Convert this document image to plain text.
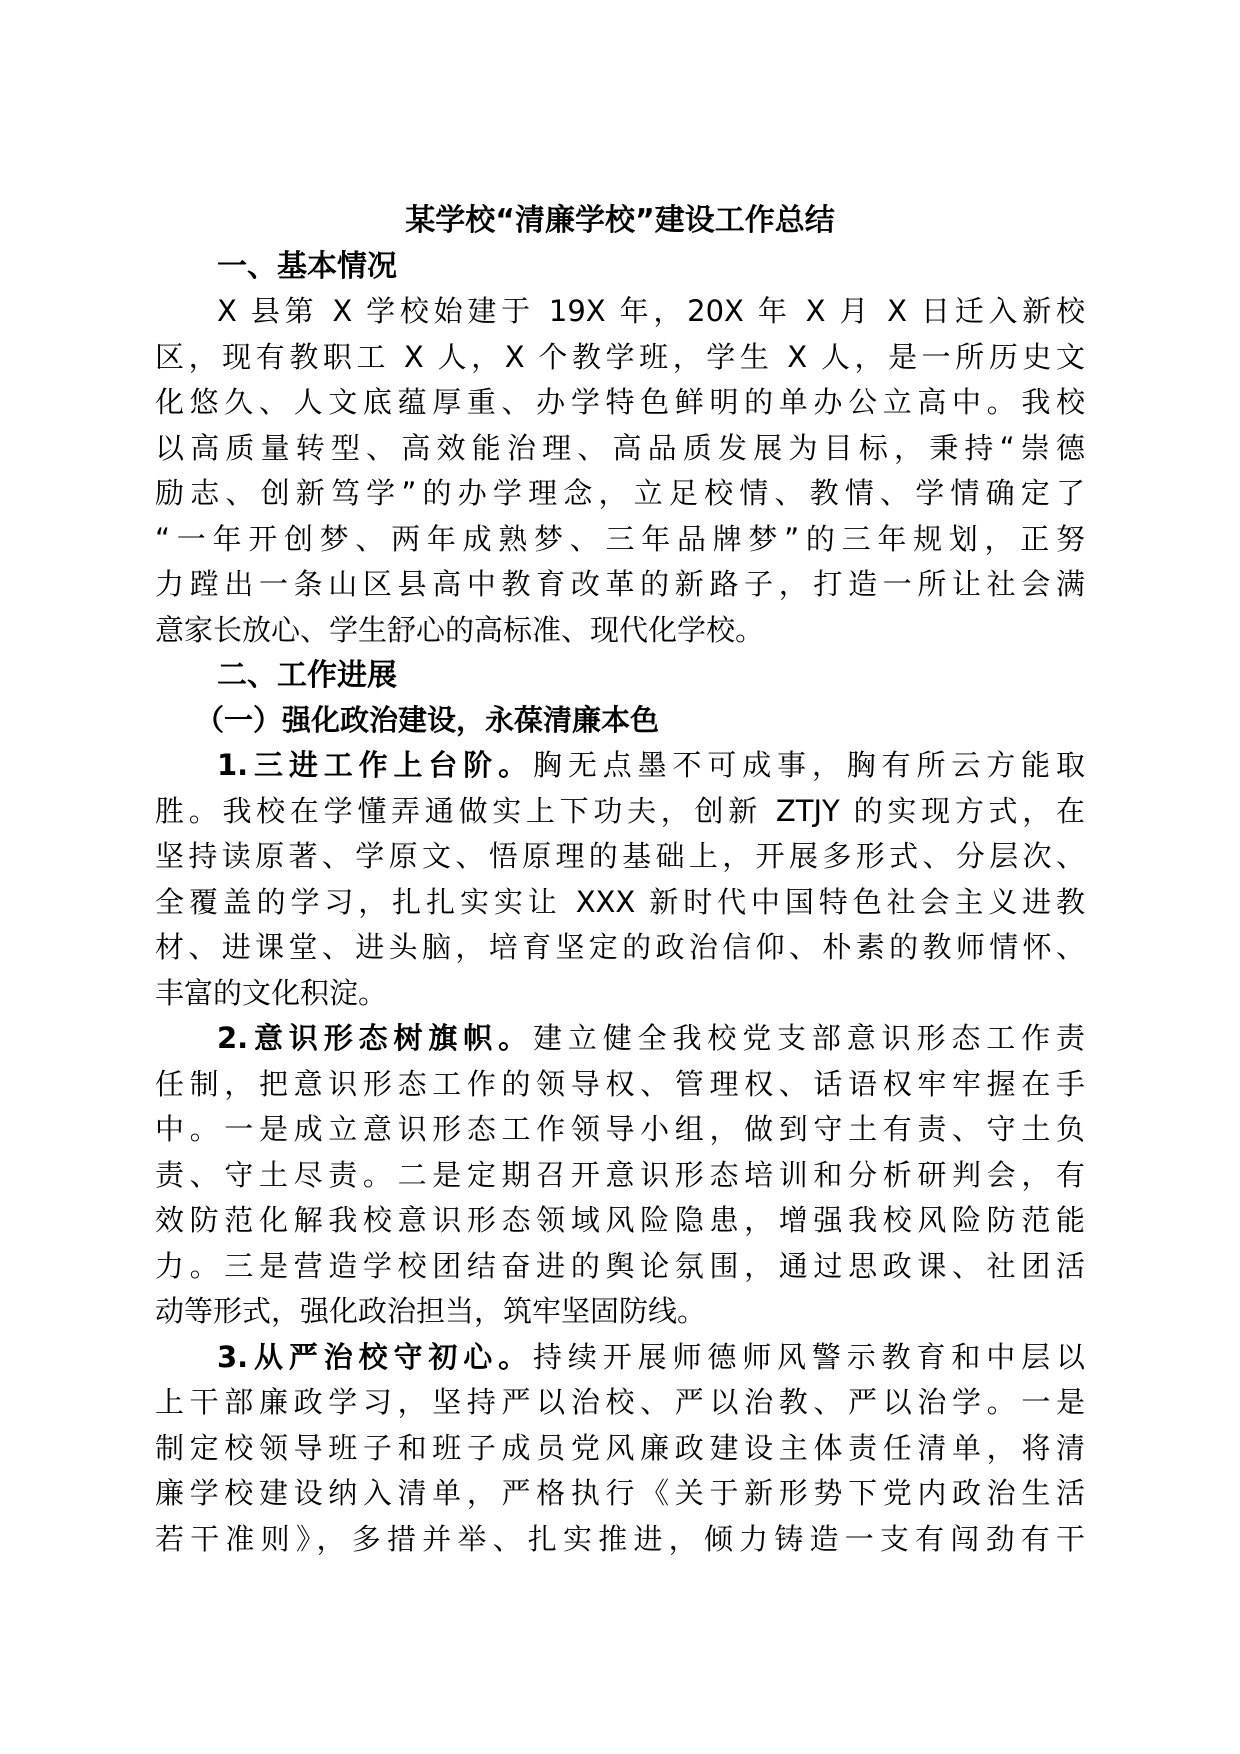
某学校“清廉学校”建设工作总结
一、基本情况
X 县第 X 学校始建于 19X 年，20X 年 X 月 X 日迁入新校
区，现有教职工 X 人，X 个教学班，学生 X 人，是一所历史文
化悠久、人文底蕴厚重、办学特色鲜明的单办公立高中。我校
以高质量转型、高效能治理、高品质发展为目标，秉持“崇德
励志、创新笃学”的办学理念，立足校情、教情、学情确定了
“一年开创梦、两年成熟梦、三年品牌梦”的三年规划，正努
力蹚出一条山区县高中教育改革的新路子，打造一所让社会满
意家长放心、学生舒心的高标准、现代化学校。
二、工作进展
（一）强化政治建设，永葆清廉本色
1.三进工作上台阶。胸无点墨不可成事，胸有所云方能取
胜。我校在学懂弄通做实上下功夫，创新 ZTJY 的实现方式，在
坚持读原著、学原文、悟原理的基础上，开展多形式、分层次、
全覆盖的学习，扎扎实实让 XXX 新时代中国特色社会主义进教
材、进课堂、进头脑，培育坚定的政治信仰、朴素的教师情怀、
丰富的文化积淀。
2.意识形态树旗帜。建立健全我校党支部意识形态工作责
任制，把意识形态工作的领导权、管理权、话语权牢牢握在手
中。一是成立意识形态工作领导小组，做到守土有责、守土负
责、守土尽责。二是定期召开意识形态培训和分析研判会，有
效防范化解我校意识形态领域风险隐患，增强我校风险防范能
力。三是营造学校团结奋进的舆论氛围，通过思政课、社团活
动等形式，强化政治担当，筑牢坚固防线。
3.从严治校守初心。持续开展师德师风警示教育和中层以
上干部廉政学习，坚持严以治校、严以治教、严以治学。一是
制定校领导班子和班子成员党风廉政建设主体责任清单，将清
廉学校建设纳入清单，严格执行《关于新形势下党内政治生活
若干准则》，多措并举、扎实推进，倾力铸造一支有闯劲有干
